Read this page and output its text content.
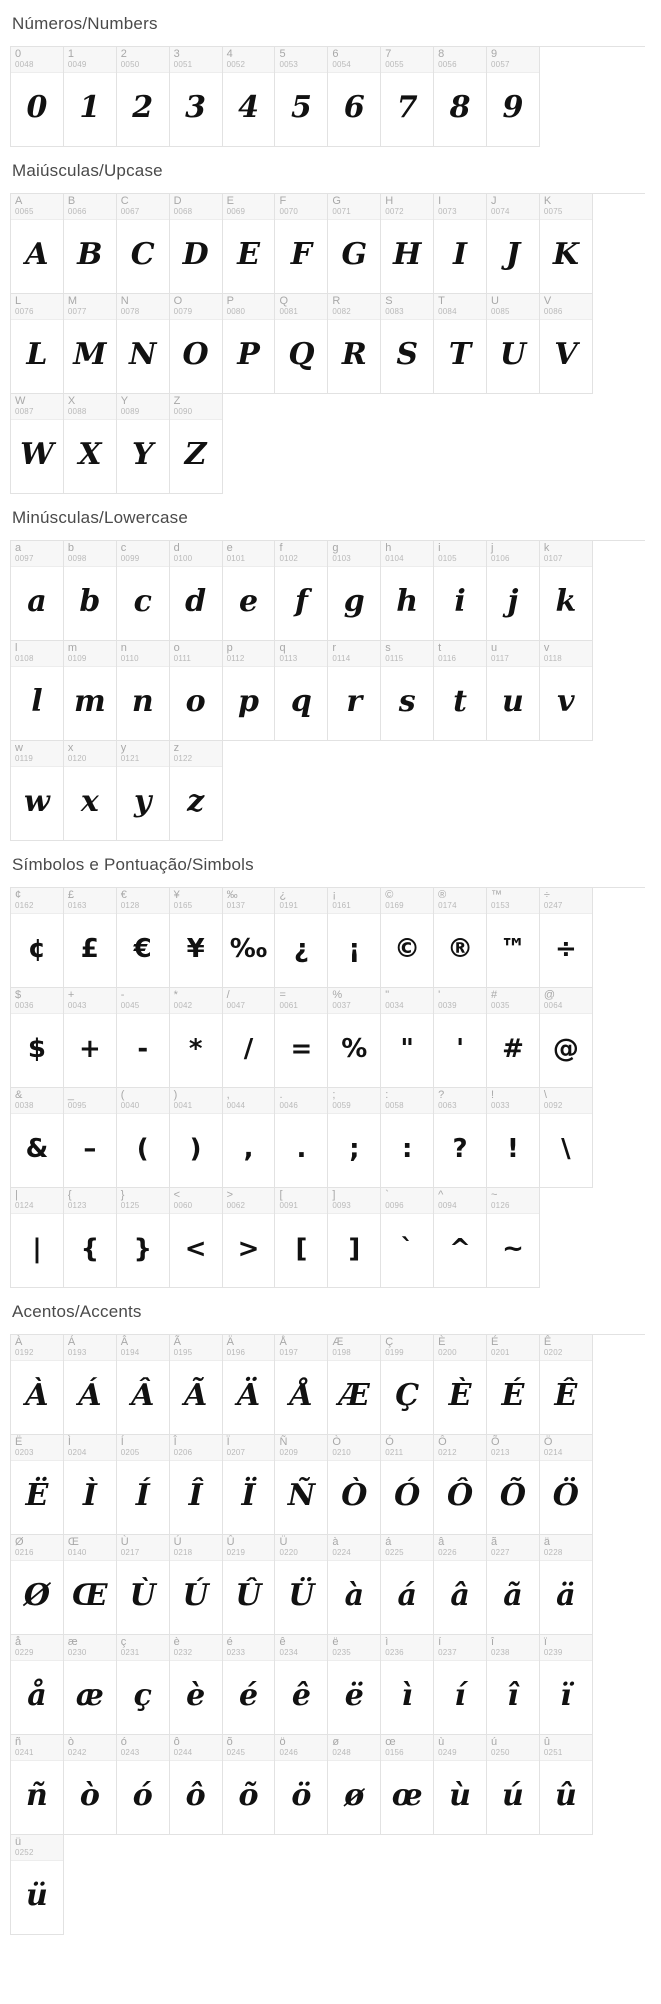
Números/Numbers
0
0048
0
1
0049
1
2
0050
2
3
0051
3
4
0052
4
5
0053
5
6
0054
6
7
0055
7
8
0056
8
9
0057
9
Maiúsculas/Upcase
A
0065
A
B
0066
B
C
0067
C
D
0068
D
E
0069
E
F
0070
F
G
0071
G
H
0072
H
I
0073
I
J
0074
J
K
0075
K
L
0076
L
M
0077
M
N
0078
N
O
0079
O
P
0080
P
Q
0081
Q
R
0082
R
S
0083
S
T
0084
T
U
0085
U
V
0086
V
W
0087
W
X
0088
X
Y
0089
Y
Z
0090
Z
Minúsculas/Lowercase
a
0097
a
b
0098
b
c
0099
c
d
0100
d
e
0101
e
f
0102
f
g
0103
g
h
0104
h
i
0105
i
j
0106
j
k
0107
k
l
0108
l
m
0109
m
n
0110
n
o
0111
o
p
0112
p
q
0113
q
r
0114
r
s
0115
s
t
0116
t
u
0117
u
v
0118
v
w
0119
w
x
0120
x
y
0121
y
z
0122
z
Símbolos e Pontuação/Simbols
¢
0162
¢
£
0163
£
€
0128
€
¥
0165
¥
‰
0137
‰
¿
0191
¿
¡
0161
¡
©
0169
©
®
0174
®
™
0153
™
÷
0247
÷
$
0036
$
+
0043
+
-
0045
-
*
0042
*
/
0047
/
=
0061
=
%
0037
%
"
0034
"
'
0039
'
#
0035
#
@
0064
@
&
0038
&
_
0095
–
(
0040
(
)
0041
)
,
0044
,
.
0046
.
;
0059
;
:
0058
:
?
0063
?
!
0033
!
\
0092
\
|
0124
|
{
0123
{
}
0125
}
<
0060
<
>
0062
>
[
0091
[
]
0093
]
`
0096
`
^
0094
^
~
0126
~
Acentos/Accents
À
0192
À
Á
0193
Á
Â
0194
Â
Ã
0195
Ã
Ä
0196
Ä
Å
0197
Å
Æ
0198
Æ
Ç
0199
Ç
È
0200
È
É
0201
É
Ê
0202
Ê
Ë
0203
Ë
Ì
0204
Ì
Í
0205
Í
Î
0206
Î
Ï
0207
Ï
Ñ
0209
Ñ
Ò
0210
Ò
Ó
0211
Ó
Ô
0212
Ô
Õ
0213
Õ
Ö
0214
Ö
Ø
0216
Ø
Œ
0140
Œ
Ù
0217
Ù
Ú
0218
Ú
Û
0219
Û
Ü
0220
Ü
à
0224
à
á
0225
á
â
0226
â
ã
0227
ã
ä
0228
ä
å
0229
å
æ
0230
æ
ç
0231
ç
è
0232
è
é
0233
é
ê
0234
ê
ë
0235
ë
ì
0236
ì
í
0237
í
î
0238
î
ï
0239
ï
ñ
0241
ñ
ò
0242
ò
ó
0243
ó
ô
0244
ô
õ
0245
õ
ö
0246
ö
ø
0248
ø
œ
0156
œ
ù
0249
ù
ú
0250
ú
û
0251
û
ü
0252
ü
